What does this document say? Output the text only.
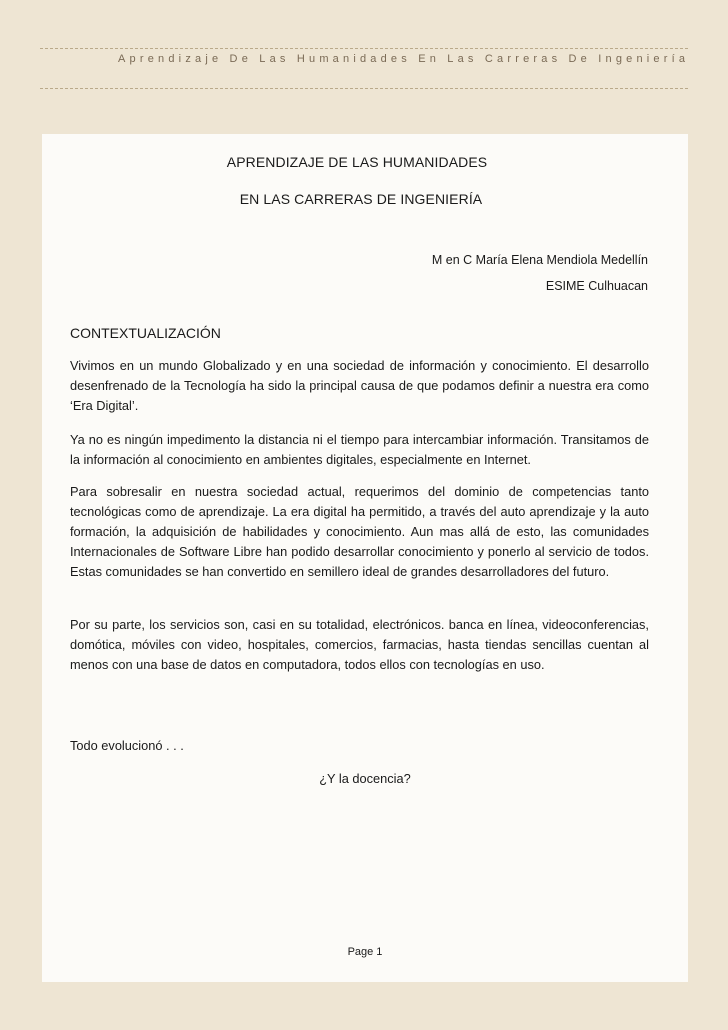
Aprendizaje De Las Humanidades En Las Carreras De Ingeniería
APRENDIZAJE DE LAS HUMANIDADES
EN LAS CARRERAS DE INGENIERÍA
M en C María Elena Mendiola Medellín
ESIME Culhuacan
CONTEXTUALIZACIÓN

Vivimos en un mundo Globalizado y en una sociedad de información y conocimiento. El desarrollo desenfrenado de la Tecnología ha sido la principal causa de que podamos definir a nuestra era como ‘Era Digital’.

Ya no es ningún impedimento la distancia ni el tiempo para intercambiar información. Transitamos de la información al conocimiento en ambientes digitales, especialmente en Internet.

Para sobresalir en nuestra sociedad actual, requerimos del dominio de competencias tanto tecnológicas como de aprendizaje. La era digital ha permitido, a través del auto aprendizaje y la auto formación, la adquisición de habilidades y conocimiento. Aun mas allá de esto, las comunidades Internacionales de Software Libre han podido desarrollar conocimiento y ponerlo al servicio de todos. Estas comunidades se han convertido en semillero ideal de grandes desarrolladores del futuro.

Por su parte, los servicios son, casi en su totalidad, electrónicos. banca en línea, videoconferencias, domótica, móviles con video, hospitales, comercios, farmacias, hasta tiendas sencillas cuentan al menos con una base de datos en computadora, todos ellos con tecnologías en uso.

Todo evolucionó . . .
¿Y la docencia?
Page 1
